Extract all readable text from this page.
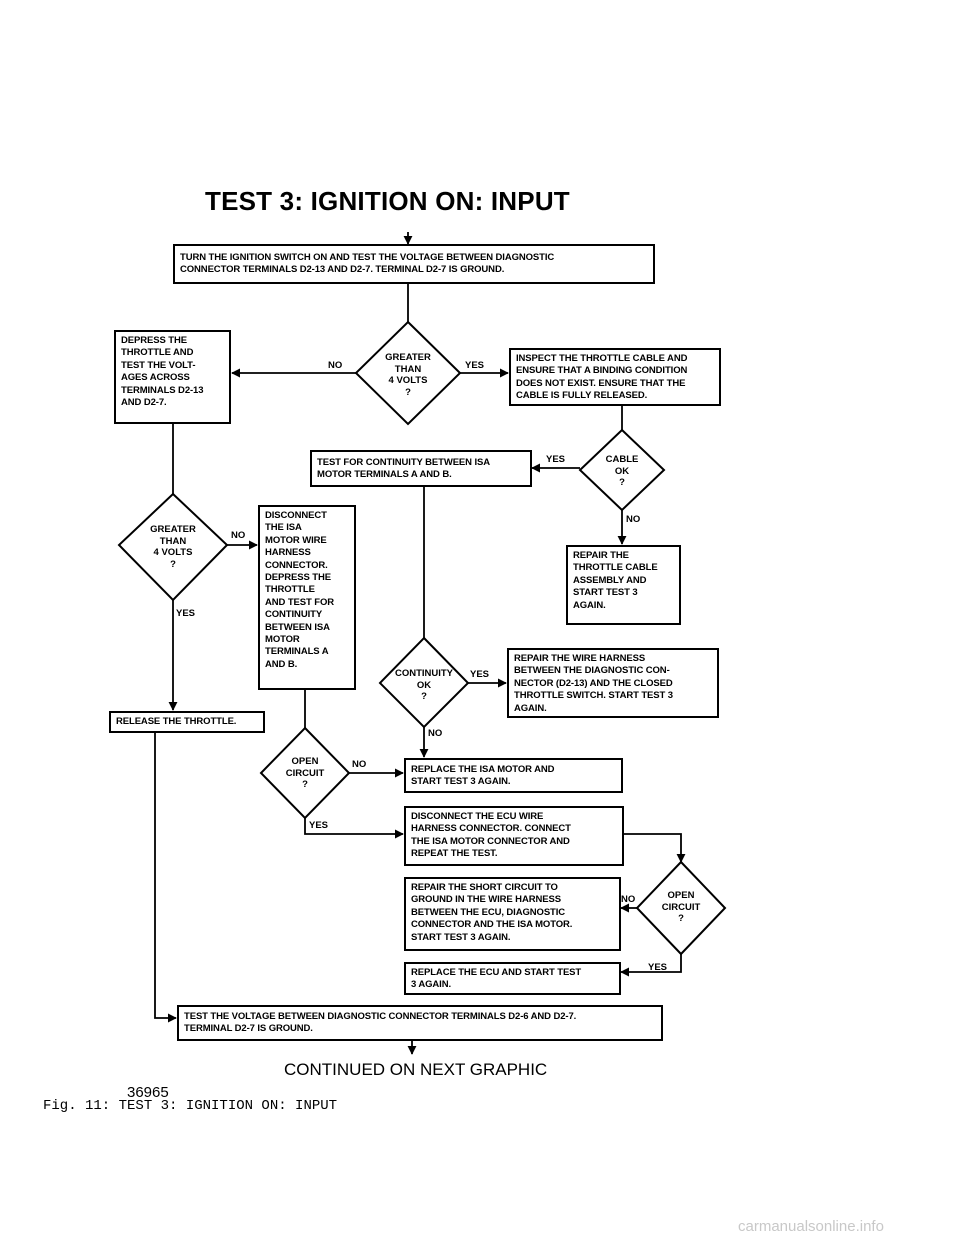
TEST 3: IGNITION ON: INPUT
TURN THE IGNITION SWITCH ON AND TEST THE VOLTAGE BETWEEN DIAGNOSTIC
CONNECTOR TERMINALS D2-13 AND D2-7. TERMINAL D2-7 IS GROUND.
DEPRESS THE
THROTTLE AND
TEST THE VOLT-
AGES ACROSS
TERMINALS D2-13
AND D2-7.
INSPECT THE THROTTLE CABLE AND
ENSURE THAT A BINDING CONDITION
DOES NOT EXIST. ENSURE THAT THE
CABLE IS FULLY RELEASED.
TEST FOR CONTINUITY BETWEEN ISA
MOTOR TERMINALS A AND B.
DISCONNECT
THE ISA
MOTOR WIRE
HARNESS
CONNECTOR.
DEPRESS THE
THROTTLE
AND TEST FOR
CONTINUITY
BETWEEN ISA
MOTOR
TERMINALS A
AND B.
REPAIR THE
THROTTLE CABLE
ASSEMBLY AND
START TEST 3
AGAIN.
REPAIR THE WIRE HARNESS
BETWEEN THE DIAGNOSTIC CON-
NECTOR (D2-13) AND THE CLOSED
THROTTLE SWITCH. START TEST 3
AGAIN.
RELEASE THE THROTTLE.
REPLACE THE ISA MOTOR AND
START TEST 3 AGAIN.
DISCONNECT THE ECU WIRE
HARNESS CONNECTOR. CONNECT
THE ISA MOTOR CONNECTOR AND
REPEAT THE TEST.
REPAIR THE SHORT CIRCUIT TO
GROUND IN THE WIRE HARNESS
BETWEEN THE ECU, DIAGNOSTIC
CONNECTOR AND THE ISA MOTOR.
START TEST 3 AGAIN.
REPLACE THE ECU AND START TEST
3 AGAIN.
TEST THE VOLTAGE BETWEEN DIAGNOSTIC CONNECTOR TERMINALS D2-6 AND D2-7.
TERMINAL D2-7 IS GROUND.
GREATER
THAN
4 VOLTS
?
CABLE
OK
?
GREATER
THAN
4 VOLTS
?
CONTINUITY
OK
?
OPEN
CIRCUIT
?
OPEN
CIRCUIT
?
NO	YES
YES
NO
NO
YES
YES
NO
NO
YES
NO
YES
CONTINUED ON NEXT GRAPHIC
36965
Fig. 11: TEST 3: IGNITION ON: INPUT
carmanualsonline.info
